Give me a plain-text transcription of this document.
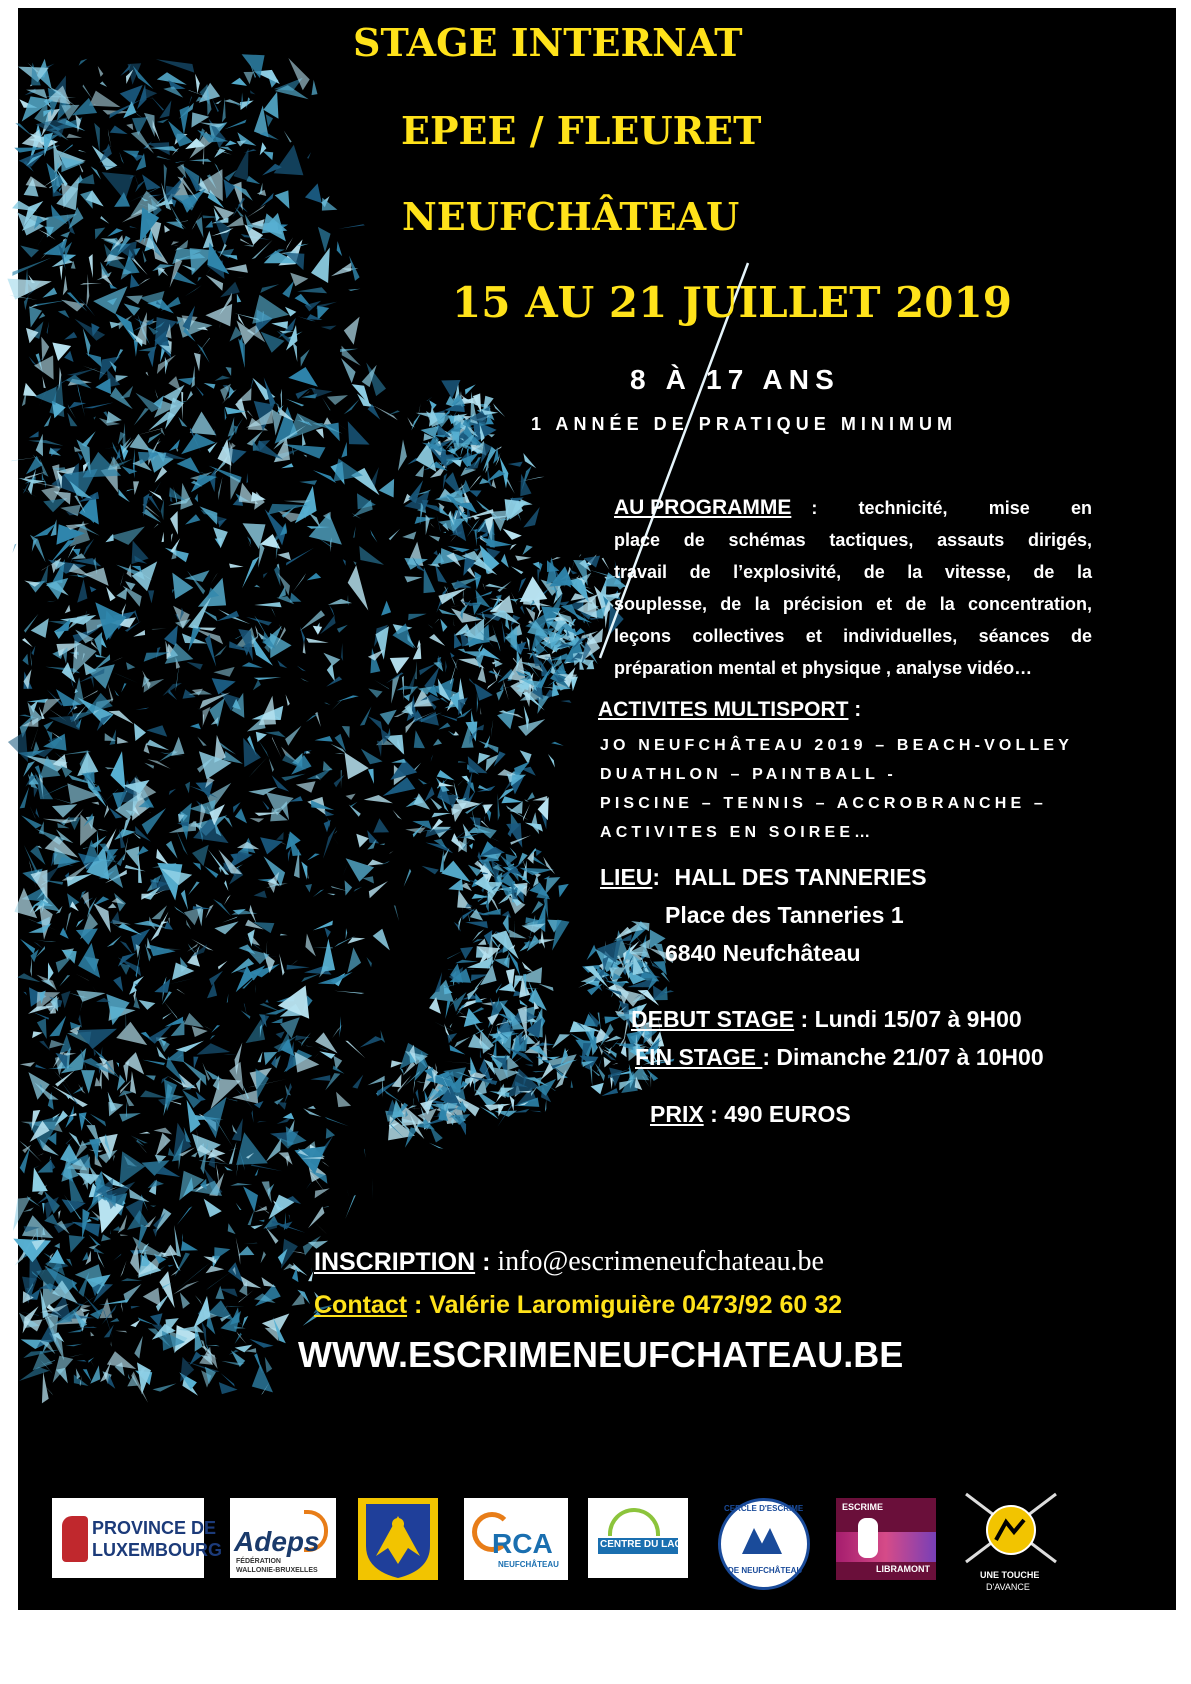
STAGE INTERNAT
EPEE / FLEURET
NEUFCHÂTEAU
15 AU 21 JUILLET 2019
8 À 17 ANS
1 ANNÉE DE PRATIQUE MINIMUM
AU PROGRAMME : technicité, mise en
place de schémas tactiques, assauts dirigés,
travail de l’explosivité, de la vitesse, de la
souplesse, de la précision et de la concentration,
leçons collectives et individuelles, séances de
préparation mental et physique , analyse vidéo…
ACTIVITES MULTISPORT :
JO NEUFCHÂTEAU 2019 – BEACH-VOLLEY
DUATHLON – PAINTBALL -
PISCINE – TENNIS – ACCROBRANCHE –
ACTIVITES EN SOIREE…
LIEU: HALL DES TANNERIES
Place des Tanneries 1
6840 Neufchâteau
DEBUT STAGE : Lundi 15/07 à 9H00
FIN STAGE : Dimanche 21/07 à 10H00
PRIX : 490 EUROS
INSCRIPTION : info@escrimeneufchateau.be
Contact : Valérie Laromiguière 0473/92 60 32
WWW.ESCRIMENEUFCHATEAU.BE
PROVINCE DE
LUXEMBOURG Adeps
FÉDÉRATION
WALLONIE-BRUXELLES
RCA
NEUFCHÂTEAU
CENTRE DU LAC
CERCLE D'ESCRIME
DE NEUFCHÂTEAU
ESCRIME
LIBRAMONT
UNE TOUCHE
D'AVANCE
